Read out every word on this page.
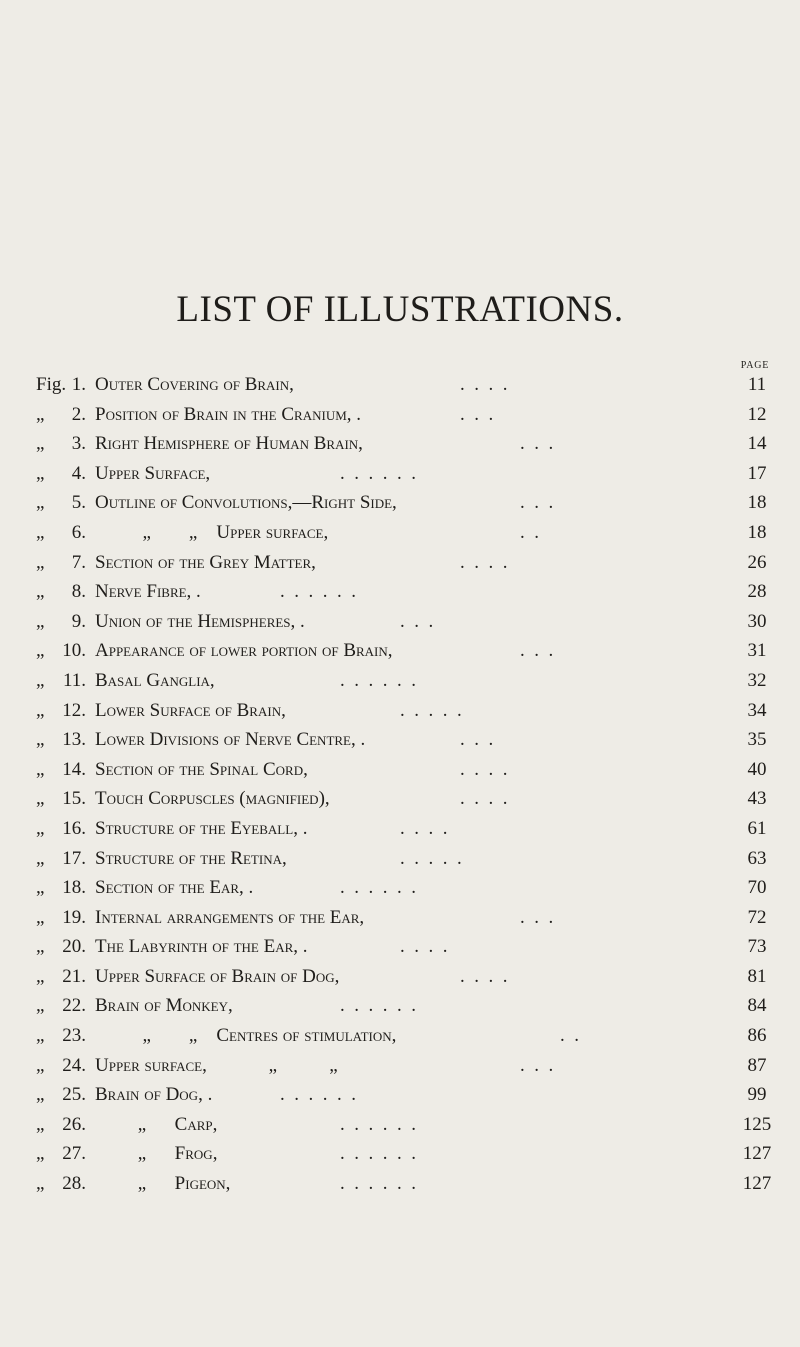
LIST OF ILLUSTRATIONS.
PAGE
Fig. 1. Outer Covering of Brain,	.  .  .  .	11
„	2. Position of Brain in the Cranium, .	.  .  .	12
„	3. Right Hemisphere of Human Brain,	.  .  .	14
„	4. Upper Surface,	.  .  .  .  .  .	17
„	5. Outline of Convolutions,—Right Side,	.  .  .	18
„	6. „        „    Upper surface,	.  .	18
„	7. Section of the Grey Matter,	.  .  .  .	26
„	8. Nerve Fibre, .	.  .  .  .  .  .	28
„	9. Union of the Hemispheres, .	.  .  .	30
„ 10. Appearance of lower portion of Brain,	.  .  .	31
„ 11. Basal Ganglia,	.  .  .  .  .  .	32
„ 12. Lower Surface of Brain,	.  .  .  .  .	34
„ 13. Lower Divisions of Nerve Centre, .	.  .  .	35
„ 14. Section of the Spinal Cord,	.  .  .  .	40
„ 15. Touch Corpuscles (magnified),	.  .  .  .	43
„ 16. Structure of the Eyeball, .	.  .  .  .	61
„ 17. Structure of the Retina,	.  .  .  .  .	63
„ 18. Section of the Ear, .	.  .  .  .  .  .	70
„ 19. Internal arrangements of the Ear,	.  .  .	72
„ 20. The Labyrinth of the Ear, .	.  .  .  .	73
„ 21. Upper Surface of Brain of Dog,	.  .  .  .	81
„ 22. Brain of Monkey,	.  .  .  .  .  .	84
„ 23. „        „    Centres of stimulation,	.  .	86
„ 24. Upper surface,             „           „	.  .  .	87
„ 25. Brain of Dog, .	.  .  .  .  .  .	99
„ 26. „      Carp,	.  .  .  .  .  .	125
„ 27. „      Frog,	.  .  .  .  .  .	127
„ 28. „      Pigeon,	.  .  .  .  .  .	127
